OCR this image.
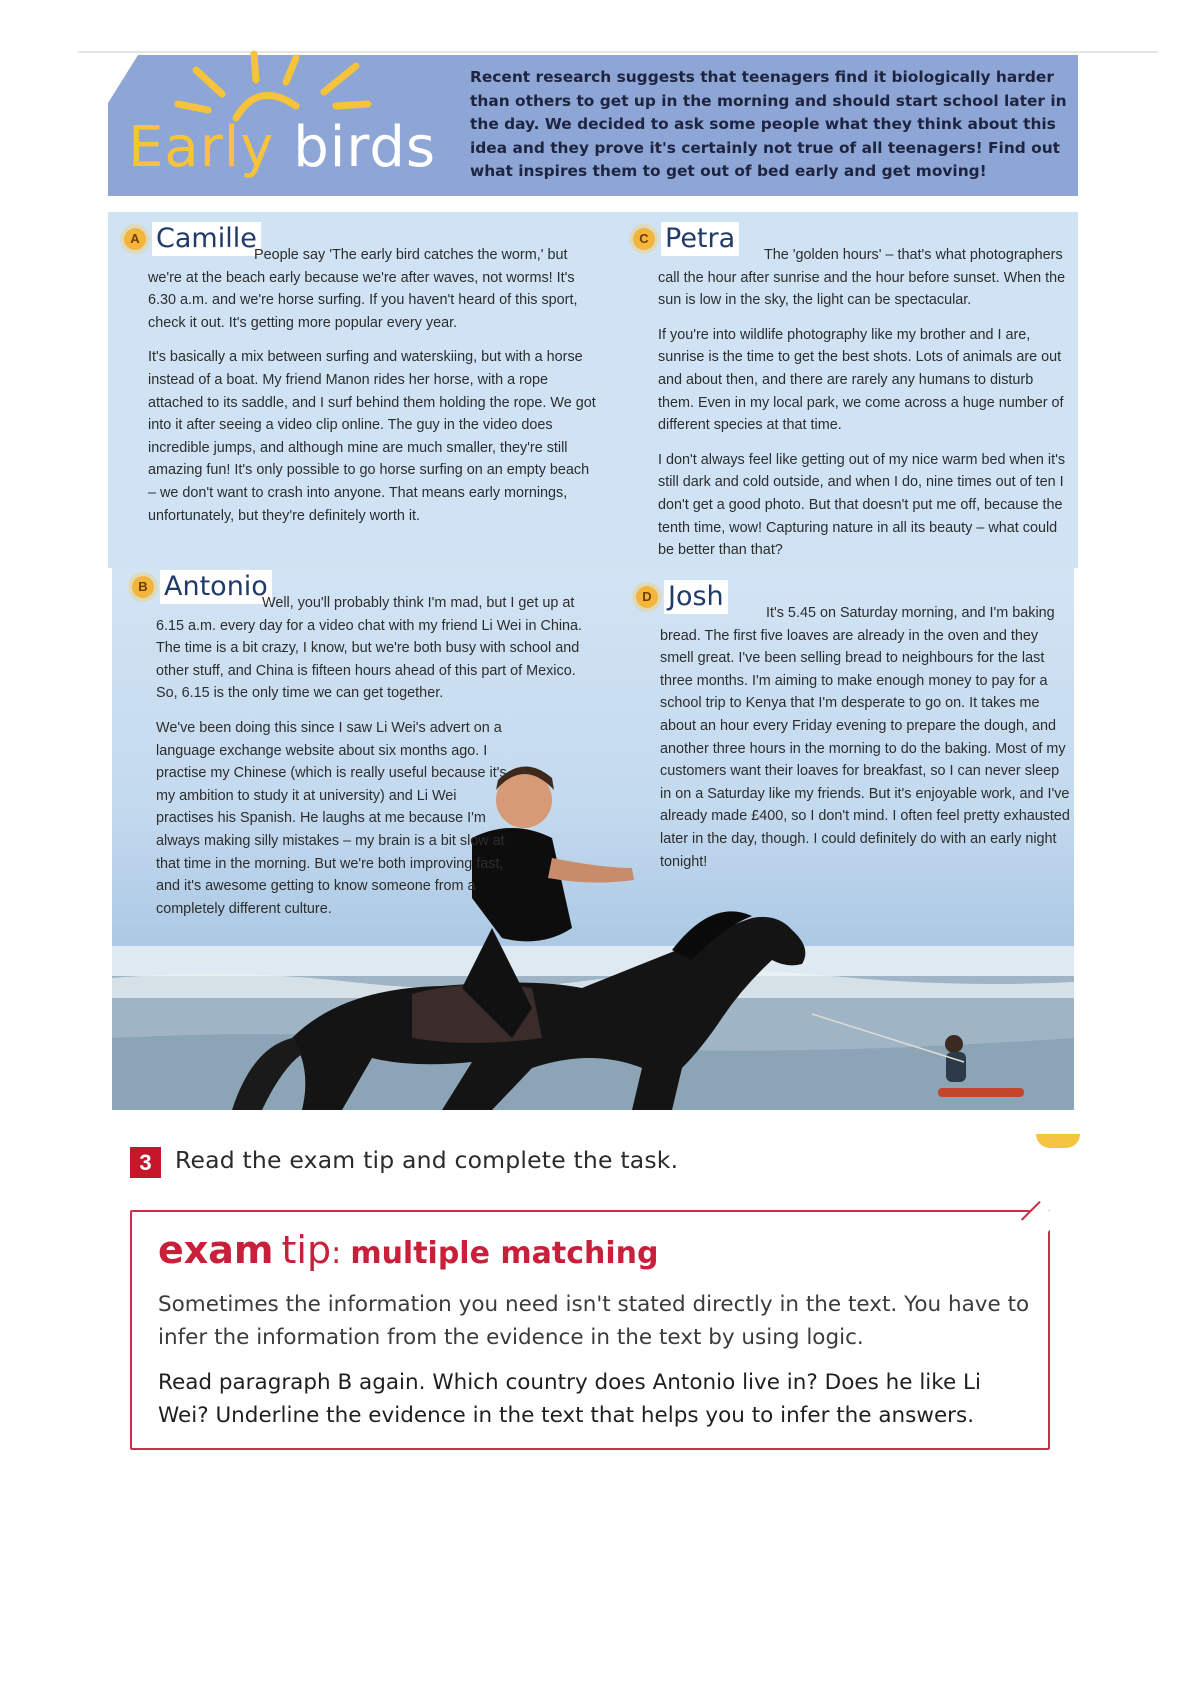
Early birds
Recent research suggests that teenagers find it biologically harder than others to get up in the morning and should start school later in the day. We decided to ask some people what they think about this idea and they prove it's certainly not true of all teenagers! Find out what inspires them to get out of bed early and get moving!
A Camille

People say 'The early bird catches the worm,' but we're at the beach early because we're after waves, not worms! It's 6.30 a.m. and we're horse surfing. If you haven't heard of this sport, check it out. It's getting more popular every year.

It's basically a mix between surfing and waterskiing, but with a horse instead of a boat. My friend Manon rides her horse, with a rope attached to its saddle, and I surf behind them holding the rope. We got into it after seeing a video clip online. The guy in the video does incredible jumps, and although mine are much smaller, they're still amazing fun! It's only possible to go horse surfing on an empty beach – we don't want to crash into anyone. That means early mornings, unfortunately, but they're definitely worth it.

C Petra

The 'golden hours' – that's what photographers call the hour after sunrise and the hour before sunset. When the sun is low in the sky, the light can be spectacular.

If you're into wildlife photography like my brother and I are, sunrise is the time to get the best shots. Lots of animals are out and about then, and there are rarely any humans to disturb them. Even in my local park, we come across a huge number of different species at that time.

I don't always feel like getting out of my nice warm bed when it's still dark and cold outside, and when I do, nine times out of ten I don't get a good photo. But that doesn't put me off, because the tenth time, wow! Capturing nature in all its beauty – what could be better than that?

B Antonio

Well, you'll probably think I'm mad, but I get up at 6.15 a.m. every day for a video chat with my friend Li Wei in China. The time is a bit crazy, I know, but we're both busy with school and other stuff, and China is fifteen hours ahead of this part of Mexico. So, 6.15 is the only time we can get together.

We've been doing this since I saw Li Wei's advert on a language exchange website about six months ago. I practise my Chinese (which is really useful because it's my ambition to study it at university) and Li Wei practises his Spanish. He laughs at me because I'm always making silly mistakes – my brain is a bit slow at that time in the morning. But we're both improving fast, and it's awesome getting to know someone from a completely different culture.

D Josh

It's 5.45 on Saturday morning, and I'm baking bread. The first five loaves are already in the oven and they smell great. I've been selling bread to neighbours for the last three months. I'm aiming to make enough money to pay for a school trip to Kenya that I'm desperate to go on. It takes me about an hour every Friday evening to prepare the dough, and another three hours in the morning to do the baking. Most of my customers want their loaves for breakfast, so I can never sleep in on a Saturday like my friends. But it's enjoyable work, and I've already made £400, so I don't mind. I often feel pretty exhausted later in the day, though. I could definitely do with an early night tonight!

3 Read the exam tip and complete the task.
exam tip: multiple matching

Sometimes the information you need isn't stated directly in the text. You have to infer the information from the evidence in the text by using logic.

Read paragraph B again. Which country does Antonio live in? Does he like Li Wei? Underline the evidence in the text that helps you to infer the answers.
